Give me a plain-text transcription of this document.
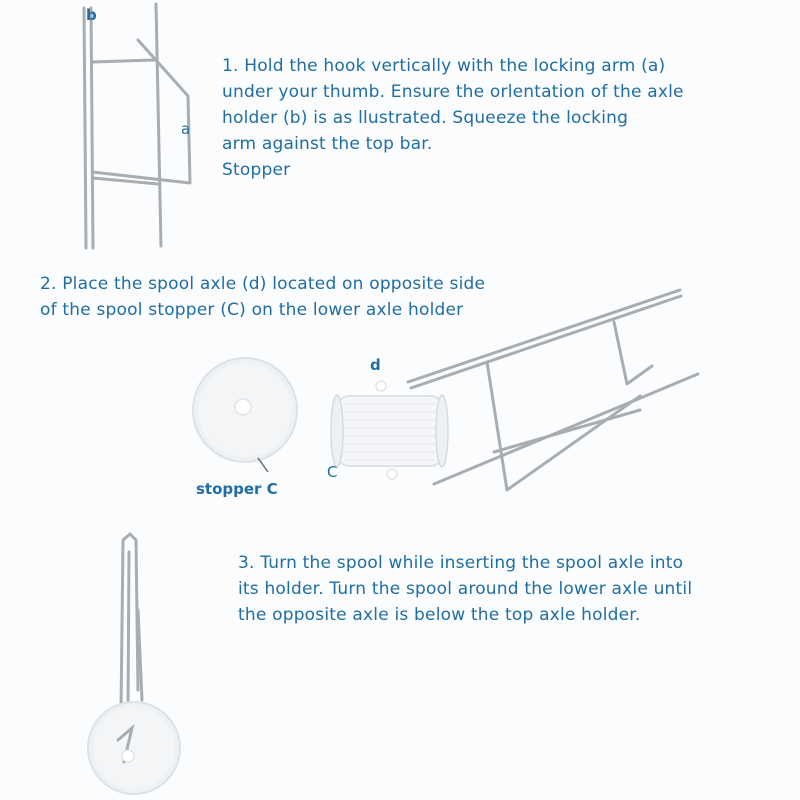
b
a
d
C
stopper C
1. Hold the hook vertically with the locking arm (a)
under your thumb. Ensure the orlentation of the axle
holder (b) is as llustrated. Squeeze the locking
arm against the top bar.
Stopper
2. Place the spool axle (d) located on opposite side
of the spool stopper (C) on the lower axle holder
3. Turn the spool while inserting the spool axle into
its holder. Turn the spool around the lower axle until
the opposite axle is below the top axle holder.
